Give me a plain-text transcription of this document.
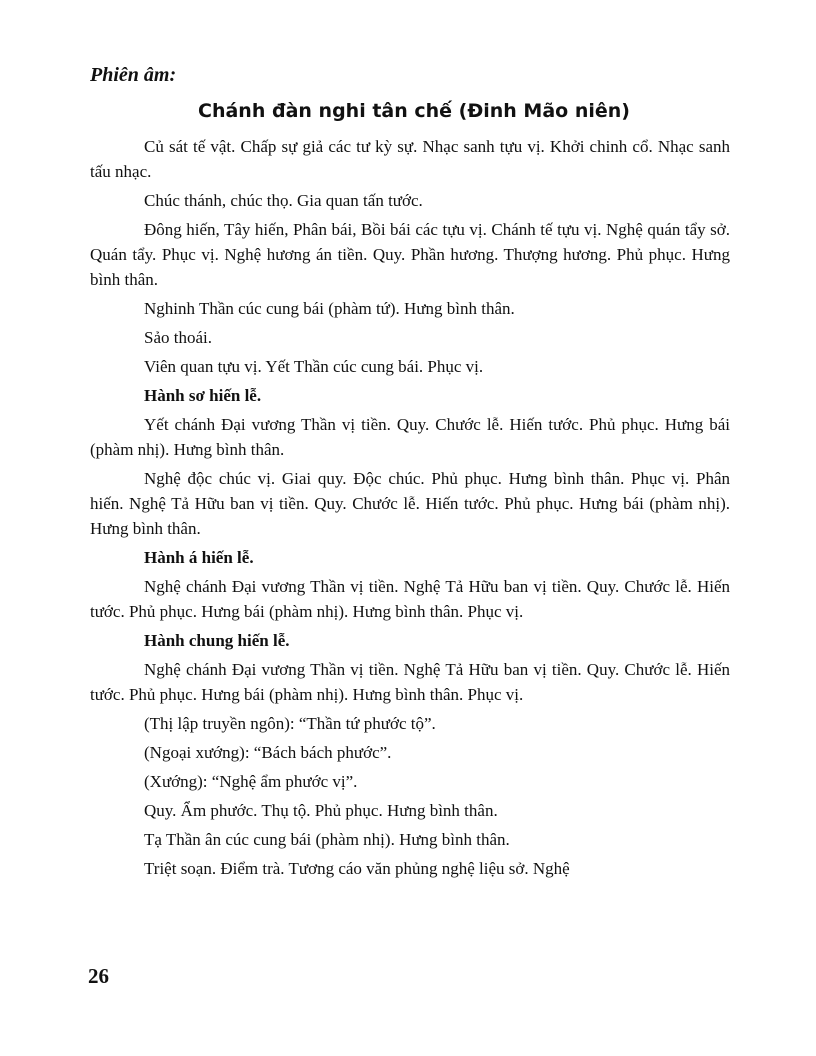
Phiên âm:

Chánh đàn nghi tân chế (Đinh Mão niên)

Củ sát tế vật. Chấp sự giả các tư kỳ sự. Nhạc sanh tựu vị. Khởi chinh cổ. Nhạc sanh tấu nhạc.

Chúc thánh, chúc thọ. Gia quan tấn tước.

Đông hiến, Tây hiến, Phân bái, Bồi bái các tựu vị. Chánh tế tựu vị. Nghệ quán tẩy sở. Quán tẩy. Phục vị. Nghệ hương án tiền. Quy. Phần hương. Thượng hương. Phủ phục. Hưng bình thân.

Nghinh Thần cúc cung bái (phàm tứ). Hưng bình thân.

Sảo thoái.

Viên quan tựu vị. Yết Thần cúc cung bái. Phục vị.

Hành sơ hiến lễ.

Yết chánh Đại vương Thần vị tiền. Quy. Chước lễ. Hiến tước. Phủ phục. Hưng bái (phàm nhị). Hưng bình thân.

Nghệ độc chúc vị. Giai quy. Độc chúc. Phủ phục. Hưng bình thân. Phục vị. Phân hiến. Nghệ Tả Hữu ban vị tiền. Quy. Chước lễ. Hiến tước. Phủ phục. Hưng bái (phàm nhị). Hưng bình thân.

Hành á hiến lễ.

Nghệ chánh Đại vương Thần vị tiền. Nghệ Tả Hữu ban vị tiền. Quy. Chước lễ. Hiến tước. Phủ phục. Hưng bái (phàm nhị). Hưng bình thân. Phục vị.

Hành chung hiến lễ.

Nghệ chánh Đại vương Thần vị tiền. Nghệ Tả Hữu ban vị tiền. Quy. Chước lễ. Hiến tước. Phủ phục. Hưng bái (phàm nhị). Hưng bình thân. Phục vị.

(Thị lập truyền ngôn): “Thần tứ phước tộ”.

(Ngoại xướng): “Bách bách phước”.

(Xướng): “Nghệ ẩm phước vị”.

Quy. Ẩm phước. Thụ tộ. Phủ phục. Hưng bình thân.

Tạ Thần ân cúc cung bái (phàm nhị). Hưng bình thân.

Triệt soạn. Điểm trà. Tương cáo văn phủng nghệ liệu sở. Nghệ

26
